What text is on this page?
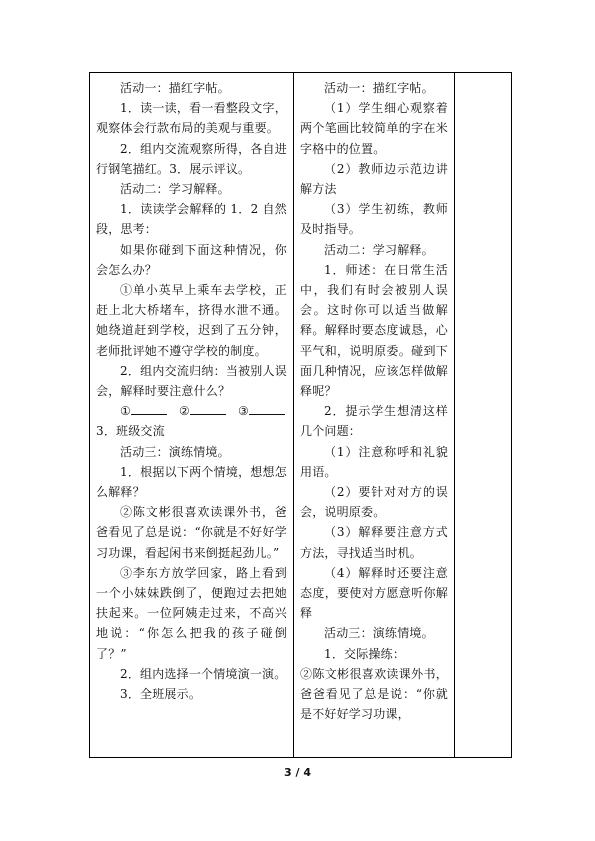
活动一：描红字帖。

1．读一读，看一看整段文字，观察体会行款布局的美观与重要。

2．组内交流观察所得，各自进行钢笔描红。3．展示评议。

活动二：学习解释。

1．读读学会解释的 1．2 自然段，思考：

如果你碰到下面这种情况，你会怎么办？

①单小英早上乘车去学校，正赶上北大桥堵车，挤得水泄不通。她绕道赶到学校，迟到了五分钟，老师批评她不遵守学校的制度。

2．组内交流归纳：当被别人误会，解释时要注意什么？

①	②	③

3．班级交流

活动三：演练情境。

1．根据以下两个情境，想想怎么解释？

②陈文彬很喜欢读课外书，爸爸看见了总是说：“你就是不好好学习功课，看起闲书来倒挺起劲儿。”

③李东方放学回家，路上看到一个小妹妹跌倒了，便跑过去把她扶起来。一位阿姨走过来，不高兴地说：“你怎么把我的孩子碰倒了？”

2．组内选择一个情境演一演。

3．全班展示。

活动一：描红字帖。

（1）学生细心观察着两个笔画比较简单的字在米字格中的位置。

（2）教师边示范边讲解方法

（3）学生初练，教师及时指导。

活动二：学习解释。

1．师述：在日常生活中，我们有时会被别人误会。这时你可以适当做解释。解释时要态度诚恳，心平气和，说明原委。碰到下面几种情况，应该怎样做解释呢？

2．提示学生想清这样几个问题：

（1）注意称呼和礼貌用语。

（2）要针对对方的误会，说明原委。

（3）解释要注意方式方法，寻找适当时机。

（4）解释时还要注意态度，要使对方愿意听你解释

活动三：演练情境。

1．交际操练：

②陈文彬很喜欢读课外书，爸爸看见了总是说：“你就是不好好学习功课，

3 / 4
